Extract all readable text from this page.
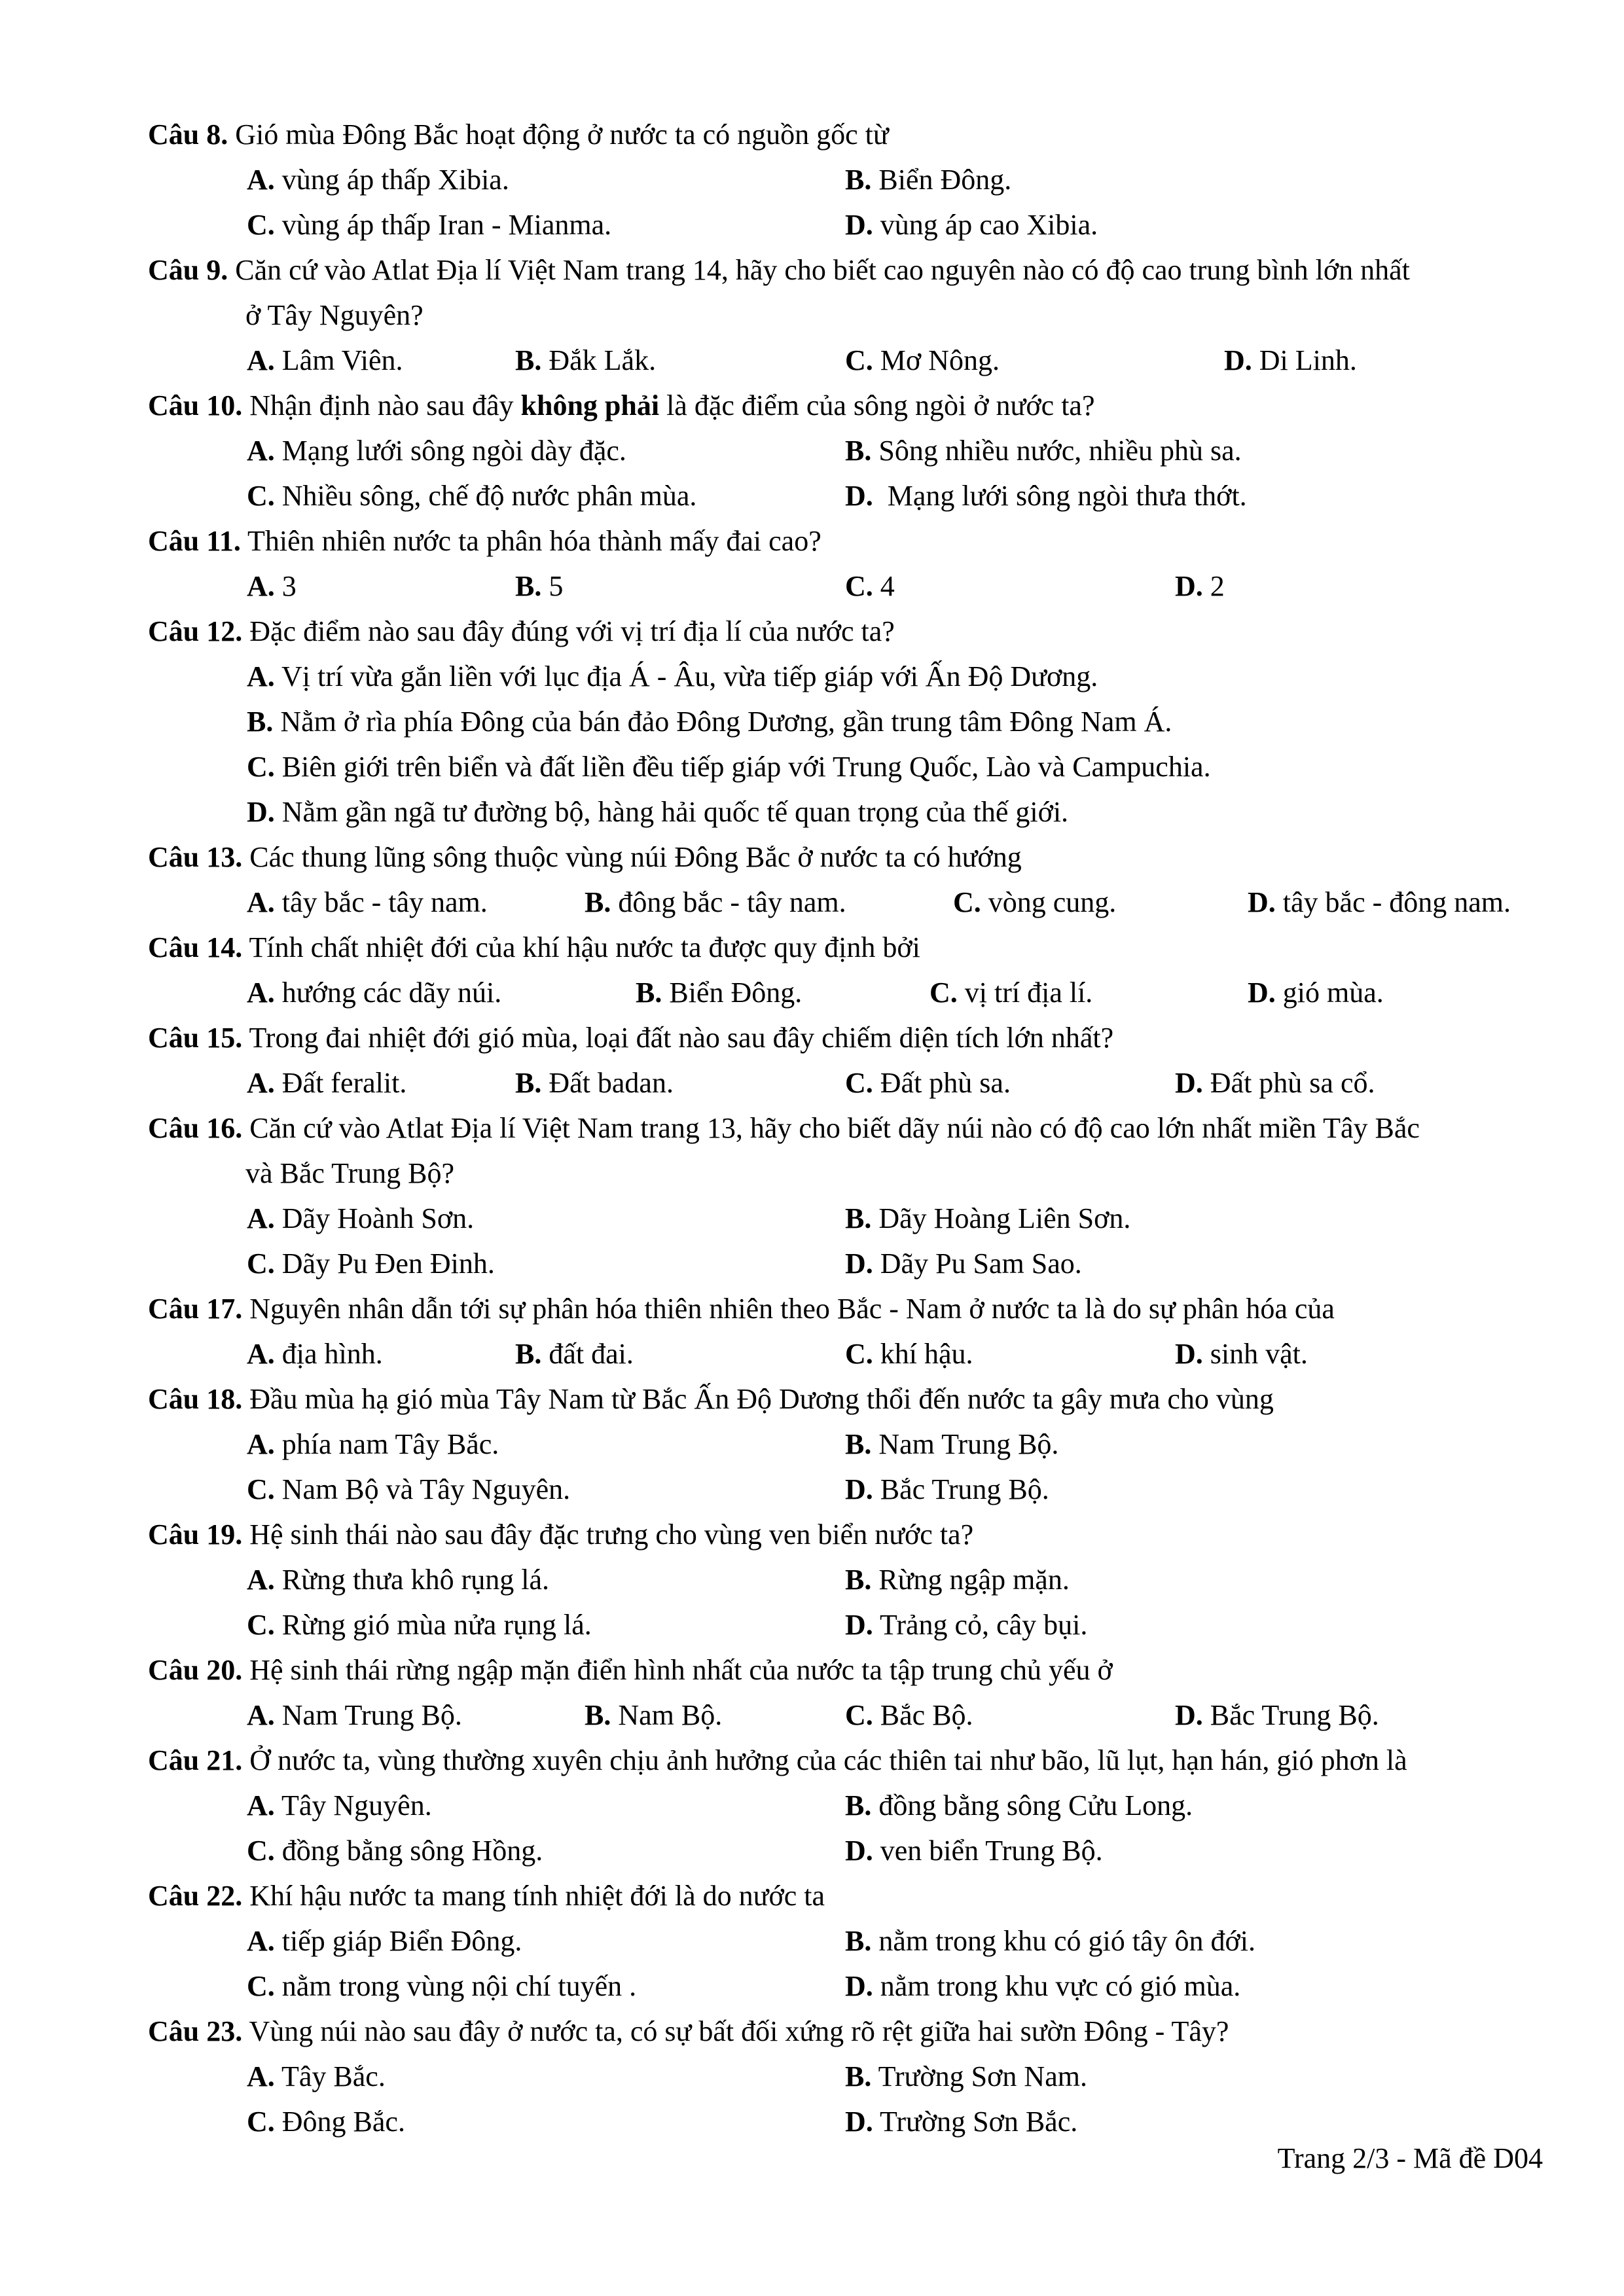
Câu 8. Gió mùa Đông Bắc hoạt động ở nước ta có nguồn gốc từ
A. vùng áp thấp Xibia.	B. Biển Đông.
C. vùng áp thấp Iran - Mianma.	D. vùng áp cao Xibia.
Câu 9. Căn cứ vào Atlat Địa lí Việt Nam trang 14, hãy cho biết cao nguyên nào có độ cao trung bình lớn nhất
ở Tây Nguyên?
A. Lâm Viên.	B. Đắk Lắk.	C. Mơ Nông.	D. Di Linh.
Câu 10. Nhận định nào sau đây không phải là đặc điểm của sông ngòi ở nước ta?
A. Mạng lưới sông ngòi dày đặc.	B. Sông nhiều nước, nhiều phù sa.
C. Nhiều sông, chế độ nước phân mùa.	D.  Mạng lưới sông ngòi thưa thớt.
Câu 11. Thiên nhiên nước ta phân hóa thành mấy đai cao?
A. 3	B. 5	C. 4	D. 2
Câu 12. Đặc điểm nào sau đây đúng với vị trí địa lí của nước ta?
A. Vị trí vừa gắn liền với lục địa Á - Âu, vừa tiếp giáp với Ấn Độ Dương.
B. Nằm ở rìa phía Đông của bán đảo Đông Dương, gần trung tâm Đông Nam Á.
C. Biên giới trên biển và đất liền đều tiếp giáp với Trung Quốc, Lào và Campuchia.
D. Nằm gần ngã tư đường bộ, hàng hải quốc tế quan trọng của thế giới.
Câu 13. Các thung lũng sông thuộc vùng núi Đông Bắc ở nước ta có hướng
A. tây bắc - tây nam.	B. đông bắc - tây nam.	C. vòng cung.	D. tây bắc - đông nam.
Câu 14. Tính chất nhiệt đới của khí hậu nước ta được quy định bởi
A. hướng các dãy núi.	B. Biển Đông.	C. vị trí địa lí.	D. gió mùa.
Câu 15. Trong đai nhiệt đới gió mùa, loại đất nào sau đây chiếm diện tích lớn nhất?
A. Đất feralit.	B. Đất badan.	C. Đất phù sa.	D. Đất phù sa cổ.
Câu 16. Căn cứ vào Atlat Địa lí Việt Nam trang 13, hãy cho biết dãy núi nào có độ cao lớn nhất miền Tây Bắc
và Bắc Trung Bộ?
A. Dãy Hoành Sơn.	B. Dãy Hoàng Liên Sơn.
C. Dãy Pu Đen Đinh.	D. Dãy Pu Sam Sao.
Câu 17. Nguyên nhân dẫn tới sự phân hóa thiên nhiên theo Bắc - Nam ở nước ta là do sự phân hóa của
A. địa hình.	B. đất đai.	C. khí hậu.	D. sinh vật.
Câu 18. Đầu mùa hạ gió mùa Tây Nam từ Bắc Ấn Độ Dương thổi đến nước ta gây mưa cho vùng
A. phía nam Tây Bắc.	B. Nam Trung Bộ.
C. Nam Bộ và Tây Nguyên.	D. Bắc Trung Bộ.
Câu 19. Hệ sinh thái nào sau đây đặc trưng cho vùng ven biển nước ta?
A. Rừng thưa khô rụng lá.	B. Rừng ngập mặn.
C. Rừng gió mùa nửa rụng lá.	D. Trảng cỏ, cây bụi.
Câu 20. Hệ sinh thái rừng ngập mặn điển hình nhất của nước ta tập trung chủ yếu ở
A. Nam Trung Bộ.	B. Nam Bộ.	C. Bắc Bộ.	D. Bắc Trung Bộ.
Câu 21. Ở nước ta, vùng thường xuyên chịu ảnh hưởng của các thiên tai như bão, lũ lụt, hạn hán, gió phơn là
A. Tây Nguyên.	B. đồng bằng sông Cửu Long.
C. đồng bằng sông Hồng.	D. ven biển Trung Bộ.
Câu 22. Khí hậu nước ta mang tính nhiệt đới là do nước ta
A. tiếp giáp Biển Đông.	B. nằm trong khu có gió tây ôn đới.
C. nằm trong vùng nội chí tuyến .	D. nằm trong khu vực có gió mùa.
Câu 23. Vùng núi nào sau đây ở nước ta, có sự bất đối xứng rõ rệt giữa hai sườn Đông - Tây?
A. Tây Bắc.	B. Trường Sơn Nam.
C. Đông Bắc.	D. Trường Sơn Bắc.
Trang 2/3 - Mã đề D04
